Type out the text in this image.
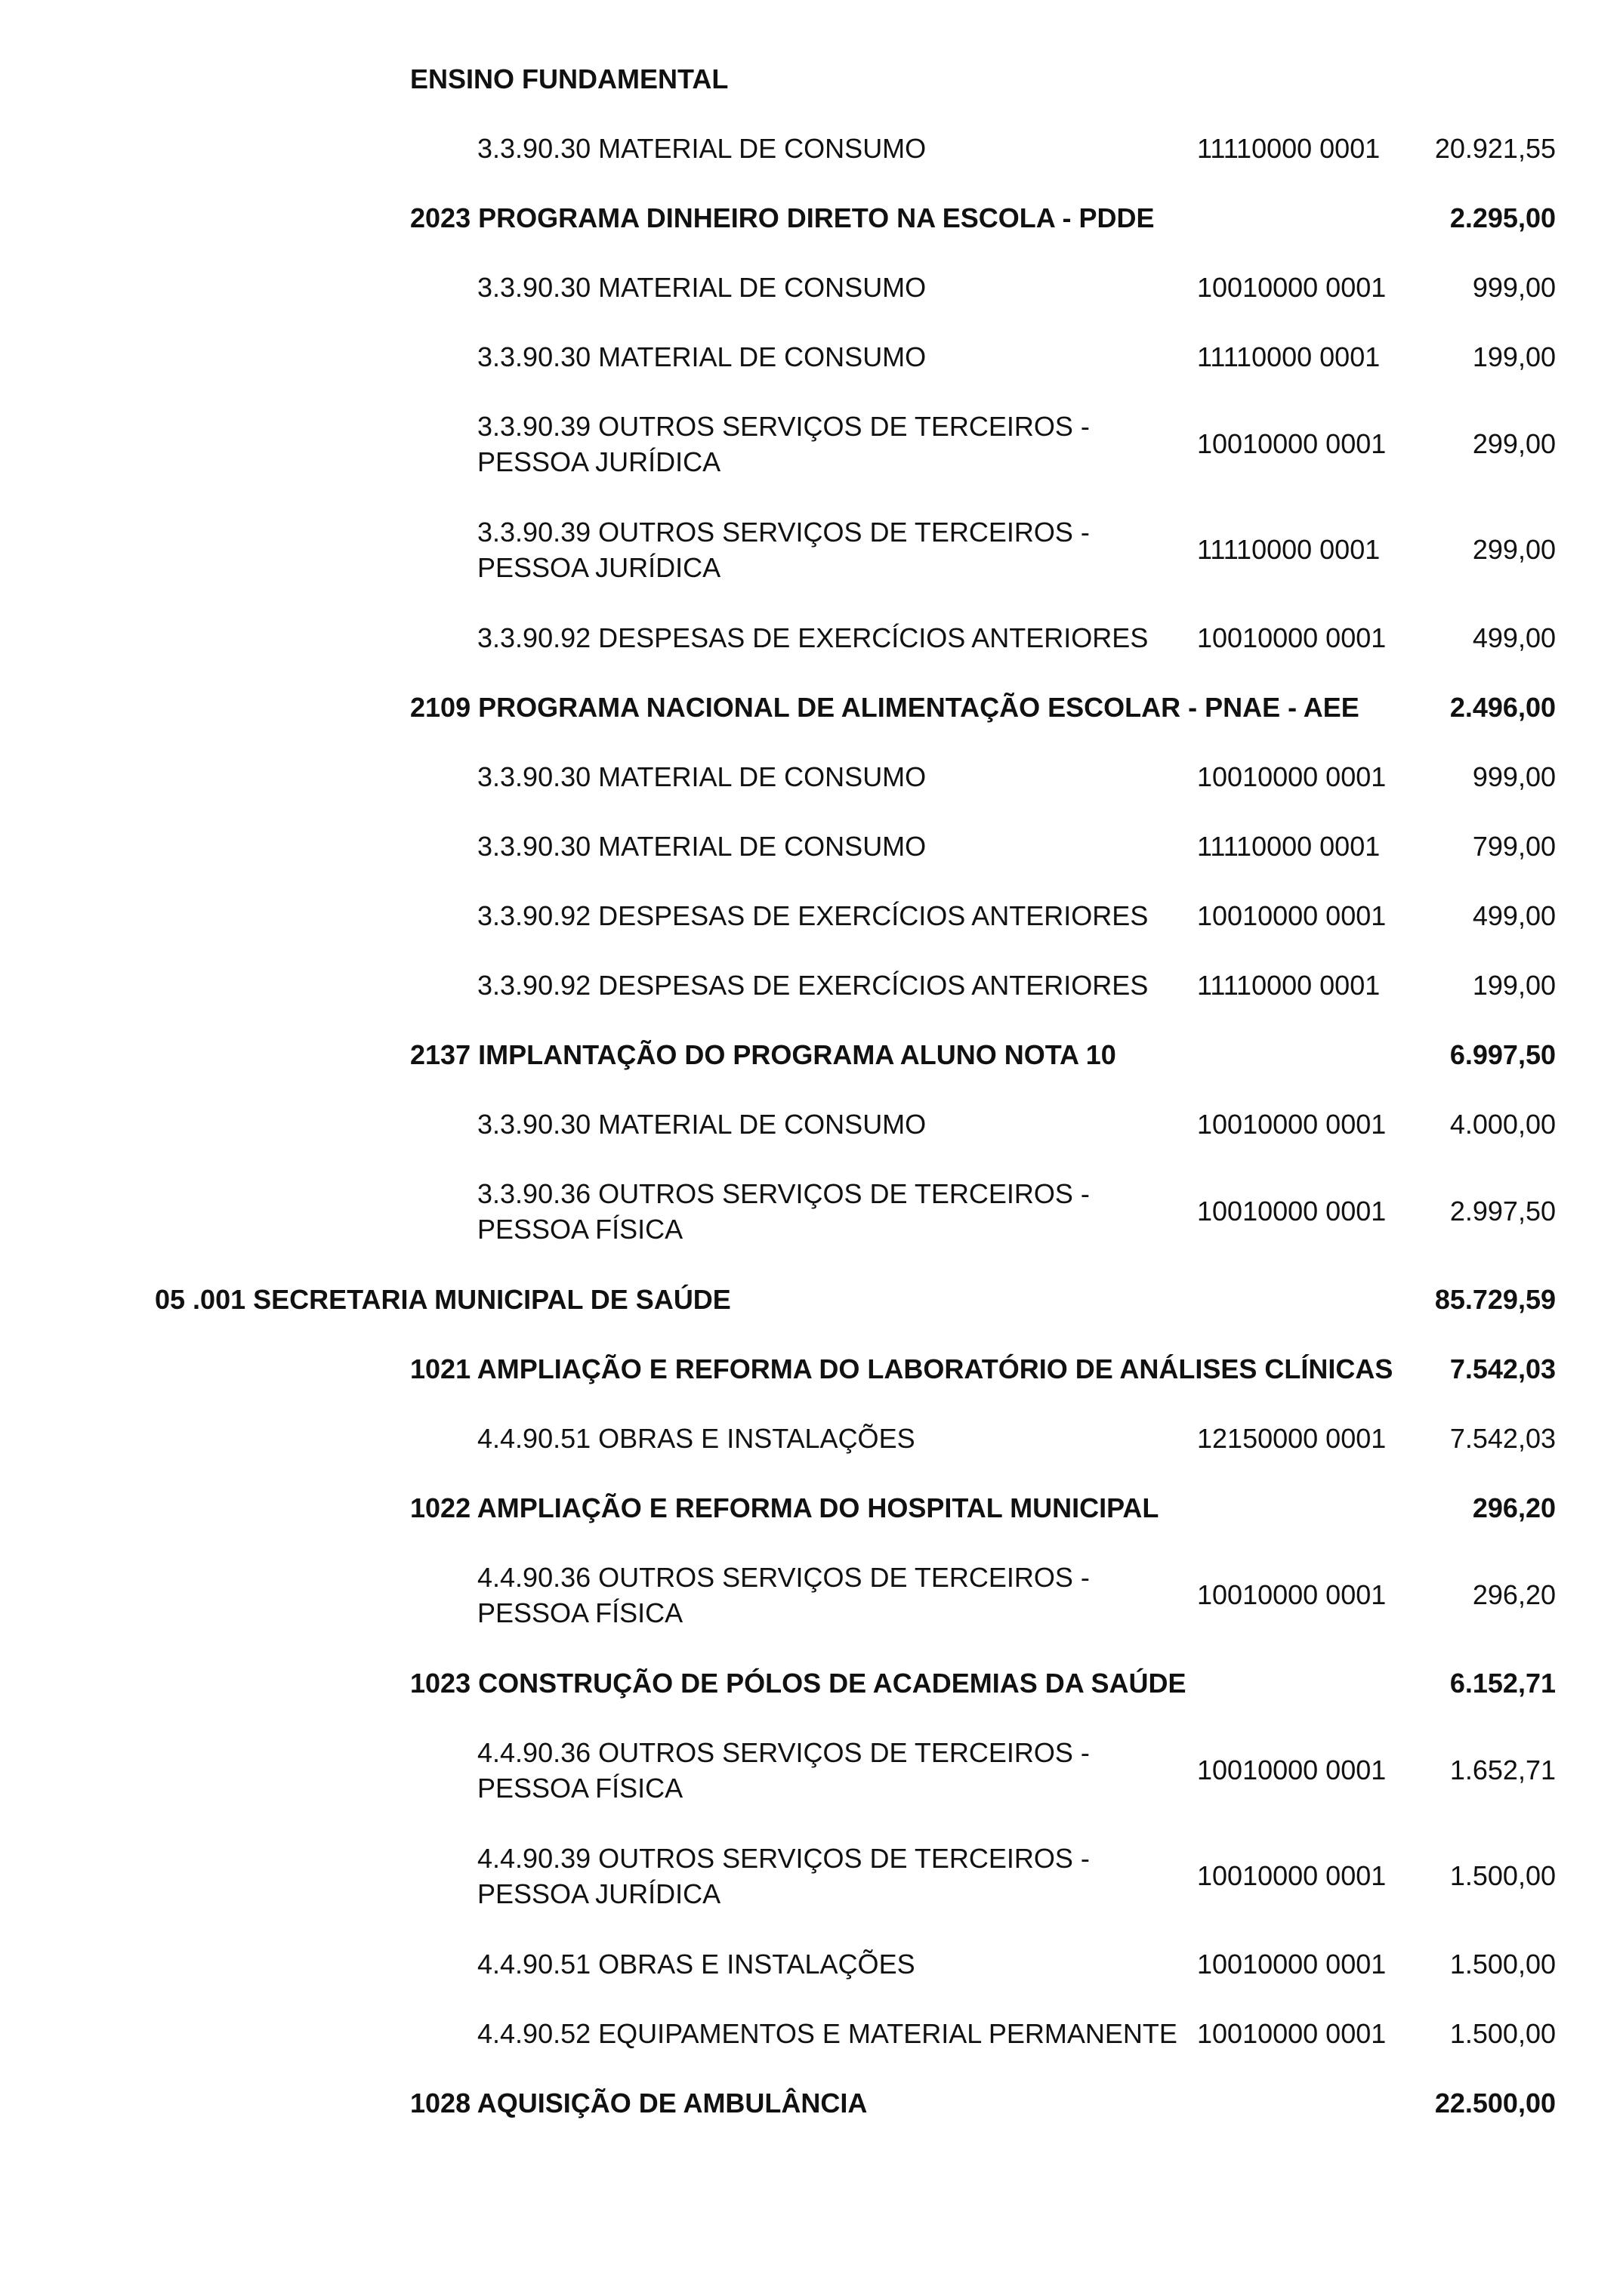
ENSINO FUNDAMENTAL
3.3.90.30 MATERIAL DE CONSUMO	11110000 0001 20.921,55
2023 PROGRAMA DINHEIRO DIRETO NA ESCOLA - PDDE	2.295,00
3.3.90.30 MATERIAL DE CONSUMO	10010000 0001	999,00
3.3.90.30 MATERIAL DE CONSUMO	11110000 0001	199,00
3.3.90.39 OUTROS SERVIÇOS DE TERCEIROS -
PESSOA JURÍDICA
10010000 0001	299,00
3.3.90.39 OUTROS SERVIÇOS DE TERCEIROS -
PESSOA JURÍDICA
11110000 0001	299,00
3.3.90.92 DESPESAS DE EXERCÍCIOS ANTERIORES 10010000 0001	499,00
2109 PROGRAMA NACIONAL DE ALIMENTAÇÃO ESCOLAR - PNAE - AEE	2.496,00
3.3.90.30 MATERIAL DE CONSUMO	10010000 0001	999,00
3.3.90.30 MATERIAL DE CONSUMO	11110000 0001	799,00
3.3.90.92 DESPESAS DE EXERCÍCIOS ANTERIORES 10010000 0001	499,00
3.3.90.92 DESPESAS DE EXERCÍCIOS ANTERIORES 11110000 0001	199,00
2137 IMPLANTAÇÃO DO PROGRAMA ALUNO NOTA 10	6.997,50
3.3.90.30 MATERIAL DE CONSUMO	10010000 0001 4.000,00
3.3.90.36 OUTROS SERVIÇOS DE TERCEIROS -
PESSOA FÍSICA
10010000 0001 2.997,50
05 .001 SECRETARIA MUNICIPAL DE SAÚDE	85.729,59
1021 AMPLIAÇÃO E REFORMA DO LABORATÓRIO DE ANÁLISES CLÍNICAS 7.542,03
4.4.90.51 OBRAS E INSTALAÇÕES	12150000 0001 7.542,03
1022 AMPLIAÇÃO E REFORMA DO HOSPITAL MUNICIPAL	296,20
4.4.90.36 OUTROS SERVIÇOS DE TERCEIROS -
PESSOA FÍSICA
10010000 0001	296,20
1023 CONSTRUÇÃO DE PÓLOS DE ACADEMIAS DA SAÚDE	6.152,71
4.4.90.36 OUTROS SERVIÇOS DE TERCEIROS -
PESSOA FÍSICA
10010000 0001 1.652,71
4.4.90.39 OUTROS SERVIÇOS DE TERCEIROS -
PESSOA JURÍDICA
10010000 0001 1.500,00
4.4.90.51 OBRAS E INSTALAÇÕES	10010000 0001 1.500,00
4.4.90.52 EQUIPAMENTOS E MATERIAL PERMANENTE 10010000 0001 1.500,00
1028 AQUISIÇÃO DE AMBULÂNCIA	22.500,00
